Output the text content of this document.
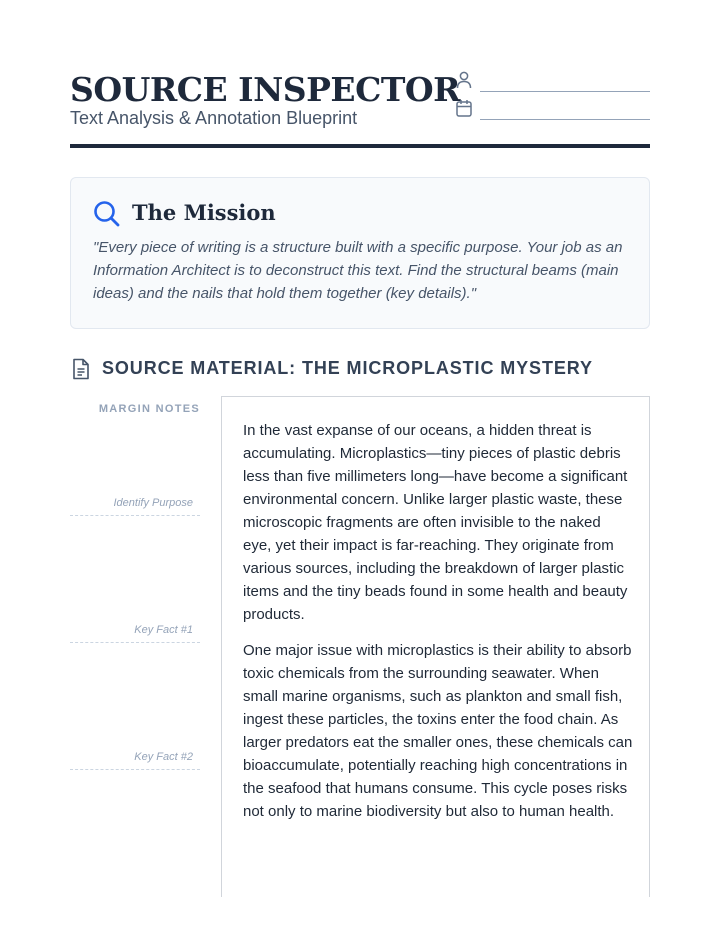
SOURCE INSPECTOR
Text Analysis & Annotation Blueprint
The Mission
"Every piece of writing is a structure built with a specific purpose. Your job as an Information Architect is to deconstruct this text. Find the structural beams (main ideas) and the nails that hold them together (key details)."
SOURCE MATERIAL: THE MICROPLASTIC MYSTERY
MARGIN NOTES
Identify Purpose
Key Fact #1
Key Fact #2

In the vast expanse of our oceans, a hidden threat is accumulating. Microplastics—tiny pieces of plastic debris less than five millimeters long—have become a significant environmental concern. Unlike larger plastic waste, these microscopic fragments are often invisible to the naked eye, yet their impact is far-reaching. They originate from various sources, including the breakdown of larger plastic items and the tiny beads found in some health and beauty products.

One major issue with microplastics is their ability to absorb toxic chemicals from the surrounding seawater. When small marine organisms, such as plankton and small fish, ingest these particles, the toxins enter the food chain. As larger predators eat the smaller ones, these chemicals can bioaccumulate, potentially reaching high concentrations in the seafood that humans consume. This cycle poses risks not only to marine biodiversity but also to human health.
